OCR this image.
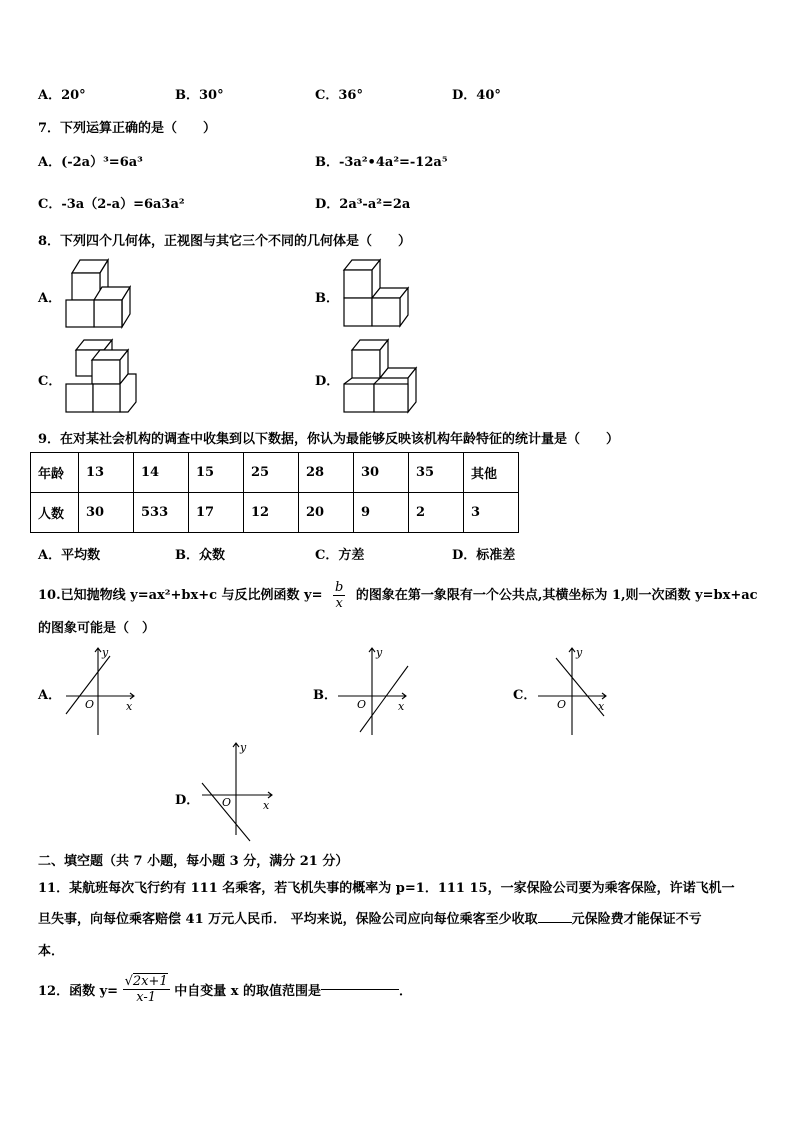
A．20°	B．30°	C．36°	D．40°
7．下列运算正确的是（　　）
A．(-2a）³=6a³	B．-3a²•4a²=-12a⁵
C．-3a（2-a）=6a3a²	D．2a³-a²=2a
8．下列四个几何体，正视图与其它三个不同的几何体是（　　）
A．	B．
C．	D．
9．在对某社会机构的调查中收集到以下数据，你认为最能够反映该机构年龄特征的统计量是（　　）
年龄	13	14	15	25	28	30	35	其他
人数	30	533	17	12	20	9	2	3
A．平均数	B．众数	C．方差	D．标准差
10.已知抛物线 y=ax²+bx+c 与反比例函数 $y= \frac{b}{x}$ 的图象在第一象限有一个公共点,其横坐标为 1,则一次函数 y=bx+ac
的图象可能是（　）
A．	B．	C．
D．
y
x
O
y
x
O
y
x
O
y
x
O
二、填空题（共 7 小题，每小题 3 分，满分 21 分）
11．某航班每次飞行约有 111 名乘客，若飞机失事的概率为 p=1．111 15，一家保险公司要为乘客保险，许诺飞机一
旦失事，向每位乘客赔偿 41 万元人民币． 平均来说，保险公司应向每位乘客至少收取	元保险费才能保证不亏
本．
12．函数 $y= \frac{√2x+1}{x-1}$ 中自变量 x 的取值范围是	．
